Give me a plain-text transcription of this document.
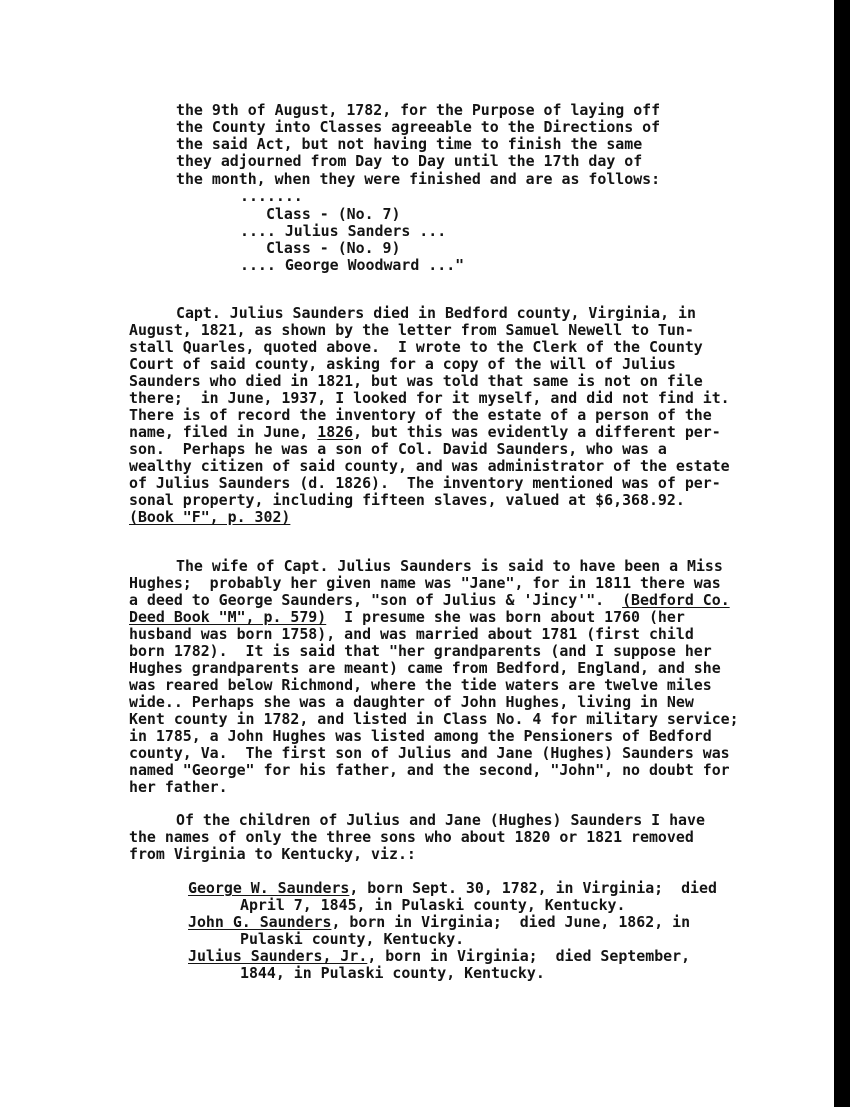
the 9th of August, 1782, for the Purpose of laying off
the County into Classes agreeable to the Directions of
the said Act, but not having time to finish the same
they adjourned from Day to Day until the 17th day of
the month, when they were finished and are as follows:
.......
Class - (No. 7)
.... Julius Sanders ...
Class - (No. 9)
.... George Woodward ..."
Capt. Julius Saunders died in Bedford county, Virginia, in
August, 1821, as shown by the letter from Samuel Newell to Tun-
stall Quarles, quoted above.  I wrote to the Clerk of the County
Court of said county, asking for a copy of the will of Julius
Saunders who died in 1821, but was told that same is not on file
there;  in June, 1937, I looked for it myself, and did not find it.
There is of record the inventory of the estate of a person of the
name, filed in June, 1826, but this was evidently a different per-
son.  Perhaps he was a son of Col. David Saunders, who was a
wealthy citizen of said county, and was administrator of the estate
of Julius Saunders (d. 1826).  The inventory mentioned was of per-
sonal property, including fifteen slaves, valued at $6,368.92.
(Book "F", p. 302)
The wife of Capt. Julius Saunders is said to have been a Miss
Hughes;  probably her given name was "Jane", for in 1811 there was
a deed to George Saunders, "son of Julius & 'Jincy'".  (Bedford Co.
Deed Book "M", p. 579)  I presume she was born about 1760 (her
husband was born 1758), and was married about 1781 (first child
born 1782).  It is said that "her grandparents (and I suppose her
Hughes grandparents are meant) came from Bedford, England, and she
was reared below Richmond, where the tide waters are twelve miles
wide.. Perhaps she was a daughter of John Hughes, living in New
Kent county in 1782, and listed in Class No. 4 for military service;
in 1785, a John Hughes was listed among the Pensioners of Bedford
county, Va.  The first son of Julius and Jane (Hughes) Saunders was
named "George" for his father, and the second, "John", no doubt for
her father.
Of the children of Julius and Jane (Hughes) Saunders I have
the names of only the three sons who about 1820 or 1821 removed
from Virginia to Kentucky, viz.:
George W. Saunders, born Sept. 30, 1782, in Virginia;  died
April 7, 1845, in Pulaski county, Kentucky.
John G. Saunders, born in Virginia;  died June, 1862, in
Pulaski county, Kentucky.
Julius Saunders, Jr., born in Virginia;  died September,
1844, in Pulaski county, Kentucky.
